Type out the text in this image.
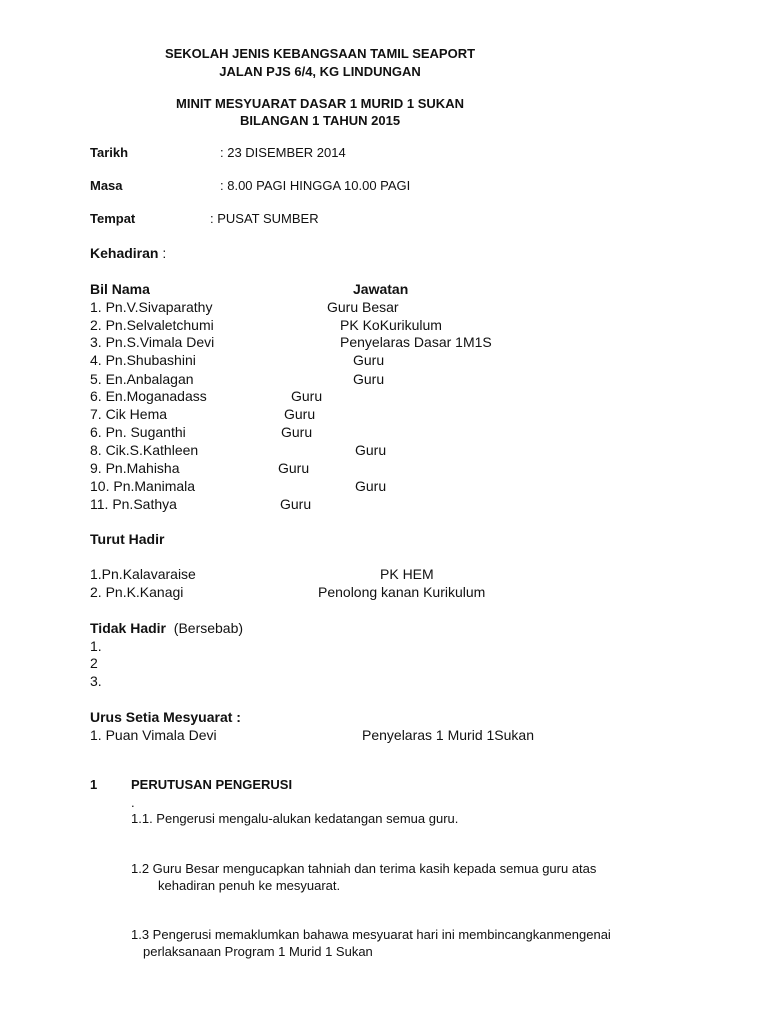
SEKOLAH JENIS KEBANGSAAN TAMIL SEAPORT
JALAN PJS 6/4, KG LINDUNGAN
MINIT MESYUARAT DASAR 1 MURID 1 SUKAN
BILANGAN 1 TAHUN 2015
Tarikh	: 23 DISEMBER 2014
Masa	: 8.00 PAGI HINGGA 10.00 PAGI
Tempat	: PUSAT SUMBER
Kehadiran :
Bil Nama	Jawatan
1. Pn.V.Sivaparathy	Guru Besar
2. Pn.Selvaletchumi	PK KoKurikulum
3. Pn.S.Vimala Devi	Penyelaras Dasar 1M1S
4. Pn.Shubashini	Guru
5. En.Anbalagan	Guru
6. En.Moganadass	Guru
7. Cik Hema	Guru
6. Pn. Suganthi	Guru
8. Cik.S.Kathleen	Guru
9. Pn.Mahisha	Guru
10. Pn.Manimala	Guru
11. Pn.Sathya	Guru
Turut Hadir
1.Pn.Kalavaraise	PK HEM
2. Pn.K.Kanagi	Penolong kanan Kurikulum
Tidak Hadir (Bersebab)
1.
2
3.
Urus Setia Mesyuarat :
1. Puan Vimala Devi	Penyelaras 1 Murid 1Sukan
1	PERUTUSAN PENGERUSI
.
1.1. Pengerusi mengalu-alukan kedatangan semua guru.
1.2 Guru Besar mengucapkan tahniah dan terima kasih kepada semua guru atas
kehadiran penuh ke mesyuarat.
1.3 Pengerusi memaklumkan bahawa mesyuarat hari ini membincangkanmengenai
perlaksanaan Program 1 Murid 1 Sukan
